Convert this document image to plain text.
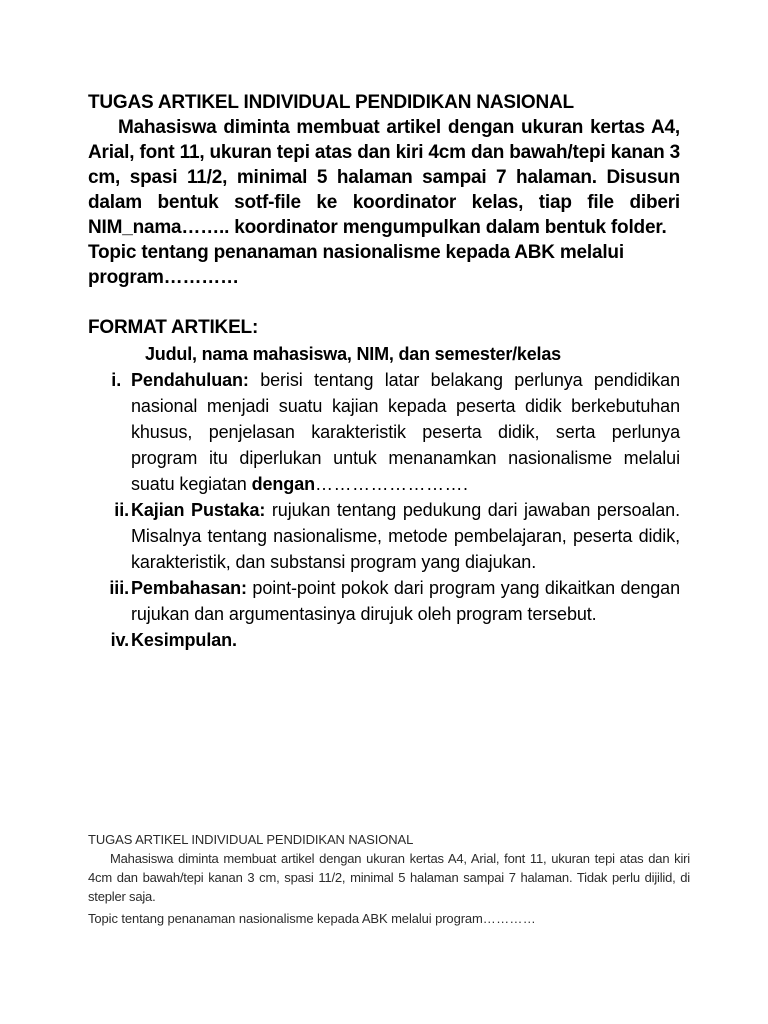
TUGAS ARTIKEL INDIVIDUAL PENDIDIKAN NASIONAL

Mahasiswa diminta membuat artikel dengan ukuran kertas A4, Arial, font 11, ukuran tepi atas dan kiri 4cm dan bawah/tepi kanan 3 cm, spasi 11/2, minimal 5 halaman sampai 7 halaman. Disusun dalam bentuk sotf-file ke koordinator kelas, tiap file diberi NIM_nama…….. koordinator mengumpulkan dalam bentuk folder.

Topic tentang penanaman nasionalisme kepada ABK melalui program…………

FORMAT ARTIKEL:

Judul, nama mahasiswa, NIM, dan semester/kelas

i. Pendahuluan: berisi tentang latar belakang perlunya pendidikan nasional menjadi suatu kajian kepada peserta didik berkebutuhan khusus, penjelasan karakteristik peserta didik, serta perlunya program itu diperlukan untuk menanamkan nasionalisme melalui suatu kegiatan dengan…………………….
ii. Kajian Pustaka: rujukan tentang pedukung dari jawaban persoalan. Misalnya tentang nasionalisme, metode pembelajaran, peserta didik, karakteristik, dan substansi program yang diajukan.
iii. Pembahasan: point-point pokok dari program yang dikaitkan dengan rujukan dan argumentasinya dirujuk oleh program tersebut.
iv. Kesimpulan.

TUGAS ARTIKEL INDIVIDUAL PENDIDIKAN NASIONAL

Mahasiswa diminta membuat artikel dengan ukuran kertas A4, Arial, font 11, ukuran tepi atas dan kiri 4cm dan bawah/tepi kanan 3 cm, spasi 11/2, minimal 5 halaman sampai 7 halaman. Tidak perlu dijilid, di stepler saja.

Topic tentang penanaman nasionalisme kepada ABK melalui program…………
